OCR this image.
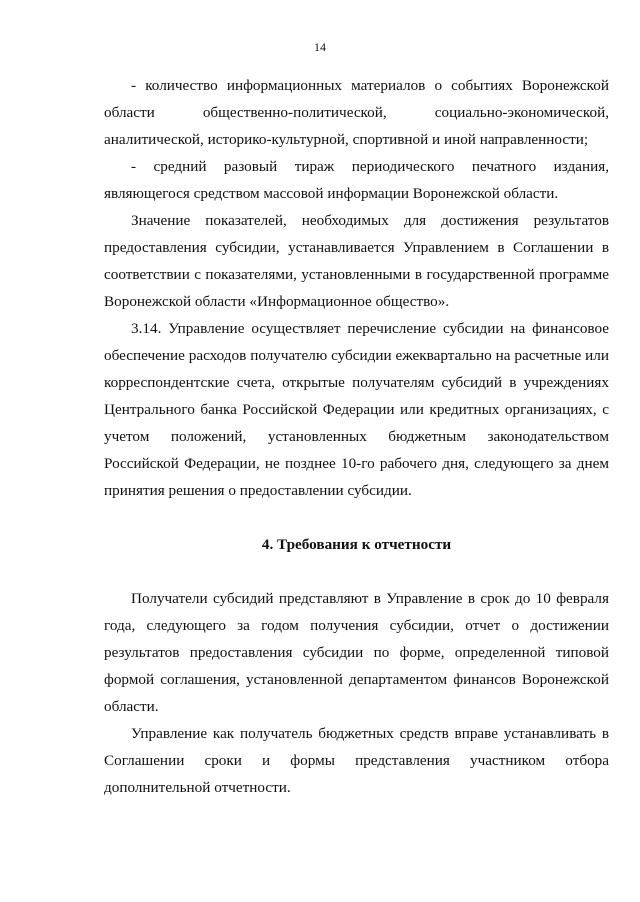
14

- количество информационных материалов о событиях Воронежской области общественно-политической, социально-экономической, аналитической, историко-культурной, спортивной и иной направленности;

- средний разовый тираж периодического печатного издания, являющегося средством массовой информации Воронежской области.

Значение показателей, необходимых для достижения результатов предоставления субсидии, устанавливается Управлением в Соглашении в соответствии с показателями, установленными в государственной программе Воронежской области «Информационное общество».

3.14. Управление осуществляет перечисление субсидии на финансовое обеспечение расходов получателю субсидии ежеквартально на расчетные или корреспондентские счета, открытые получателям субсидий в учреждениях Центрального банка Российской Федерации или кредитных организациях, с учетом положений, установленных бюджетным законодательством Российской Федерации, не позднее 10-го рабочего дня, следующего за днем принятия решения о предоставлении субсидии.

4. Требования к отчетности

Получатели субсидий представляют в Управление в срок до 10 февраля года, следующего за годом получения субсидии, отчет о достижении результатов предоставления субсидии по форме, определенной типовой формой соглашения, установленной департаментом финансов Воронежской области.

Управление как получатель бюджетных средств вправе устанавливать в Соглашении сроки и формы представления участником отбора дополнительной отчетности.
